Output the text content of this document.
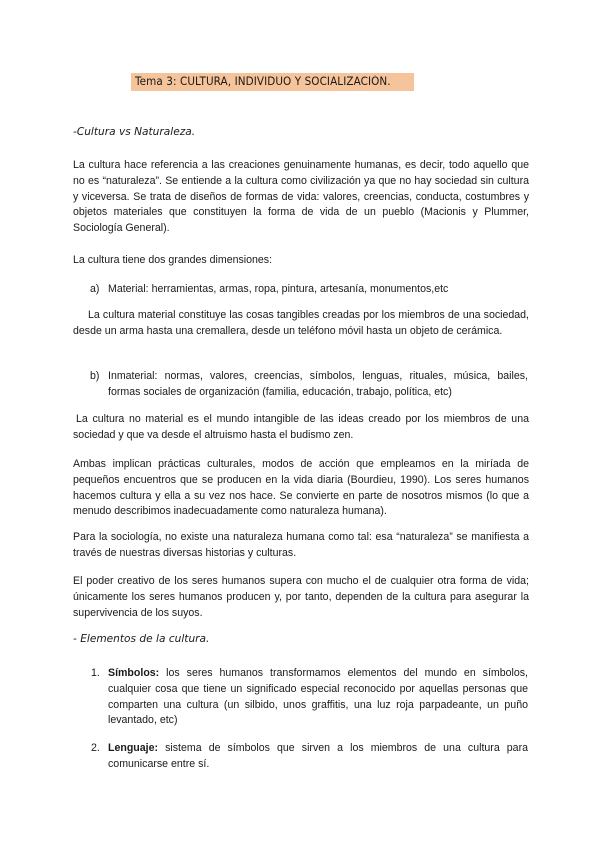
Tema 3: CULTURA, INDIVIDUO Y SOCIALIZACIÓN.
-Cultura vs Naturaleza.

La cultura hace referencia a las creaciones genuinamente humanas, es decir, todo aquello que no es “naturaleza”. Se entiende a la cultura como civilización ya que no hay sociedad sin cultura y viceversa. Se trata de diseños de formas de vida: valores, creencias, conducta, costumbres y objetos materiales que constituyen la forma de vida de un pueblo (Macionis y Plummer, Sociología General).

La cultura tiene dos grandes dimensiones:

a) Material: herramientas, armas, ropa, pintura, artesanía, monumentos,etc

La cultura material constituye las cosas tangibles creadas por los miembros de una sociedad, desde un arma hasta una cremallera, desde un teléfono móvil hasta un objeto de cerámica.

b) Inmaterial: normas, valores, creencias, símbolos, lenguas, rituales, música, bailes, formas sociales de organización (familia, educación, trabajo, política, etc)

La cultura no material es el mundo intangible de las ideas creado por los miembros de una sociedad y que va desde el altruismo hasta el budismo zen.

Ambas implican prácticas culturales, modos de acción que empleamos en la miríada de pequeños encuentros que se producen en la vida diaria (Bourdieu, 1990). Los seres humanos hacemos cultura y ella a su vez nos hace. Se convierte en parte de nosotros mismos (lo que a menudo describimos inadecuadamente como naturaleza humana).

Para la sociología, no existe una naturaleza humana como tal: esa “naturaleza” se manifiesta a través de nuestras diversas historias y culturas.

El poder creativo de los seres humanos supera con mucho el de cualquier otra forma de vida; únicamente los seres humanos producen y, por tanto, dependen de la cultura para asegurar la supervivencia de los suyos.

- Elementos de la cultura.
1. Símbolos: los seres humanos transformamos elementos del mundo en símbolos, cualquier cosa que tiene un significado especial reconocido por aquellas personas que comparten una cultura (un silbido, unos graffitis, una luz roja parpadeante, un puño levantado, etc)

2. Lenguaje: sistema de símbolos que sirven a los miembros de una cultura para comunicarse entre sí.
